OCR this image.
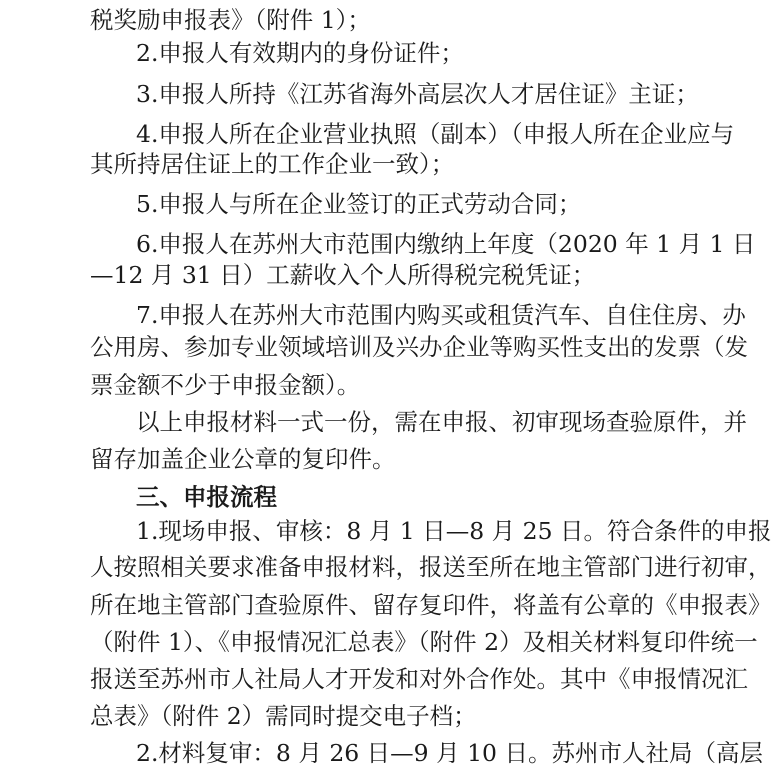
税奖励申报表》（附件 1）；
2.申报人有效期内的身份证件；
3.申报人所持《江苏省海外高层次人才居住证》主证；
4.申报人所在企业营业执照（副本）（申报人所在企业应与
其所持居住证上的工作企业一致）；
5.申报人与所在企业签订的正式劳动合同；
6.申报人在苏州大市范围内缴纳上年度（2020 年 1 月 1 日
—12 月 31 日）工薪收入个人所得税完税凭证；
7.申报人在苏州大市范围内购买或租赁汽车、自住住房、办
公用房、参加专业领域培训及兴办企业等购买性支出的发票（发
票金额不少于申报金额）。
以上申报材料一式一份，需在申报、初审现场查验原件，并
留存加盖企业公章的复印件。
三、申报流程
1.现场申报、审核：8 月 1 日—8 月 25 日。符合条件的申报
人按照相关要求准备申报材料，报送至所在地主管部门进行初审，
所在地主管部门查验原件、留存复印件，将盖有公章的《申报表》
（附件 1）、《申报情况汇总表》（附件 2）及相关材料复印件统一
报送至苏州市人社局人才开发和对外合作处。其中《申报情况汇
总表》（附件 2）需同时提交电子档；
2.材料复审：8 月 26 日—9 月 10 日。苏州市人社局（高层
